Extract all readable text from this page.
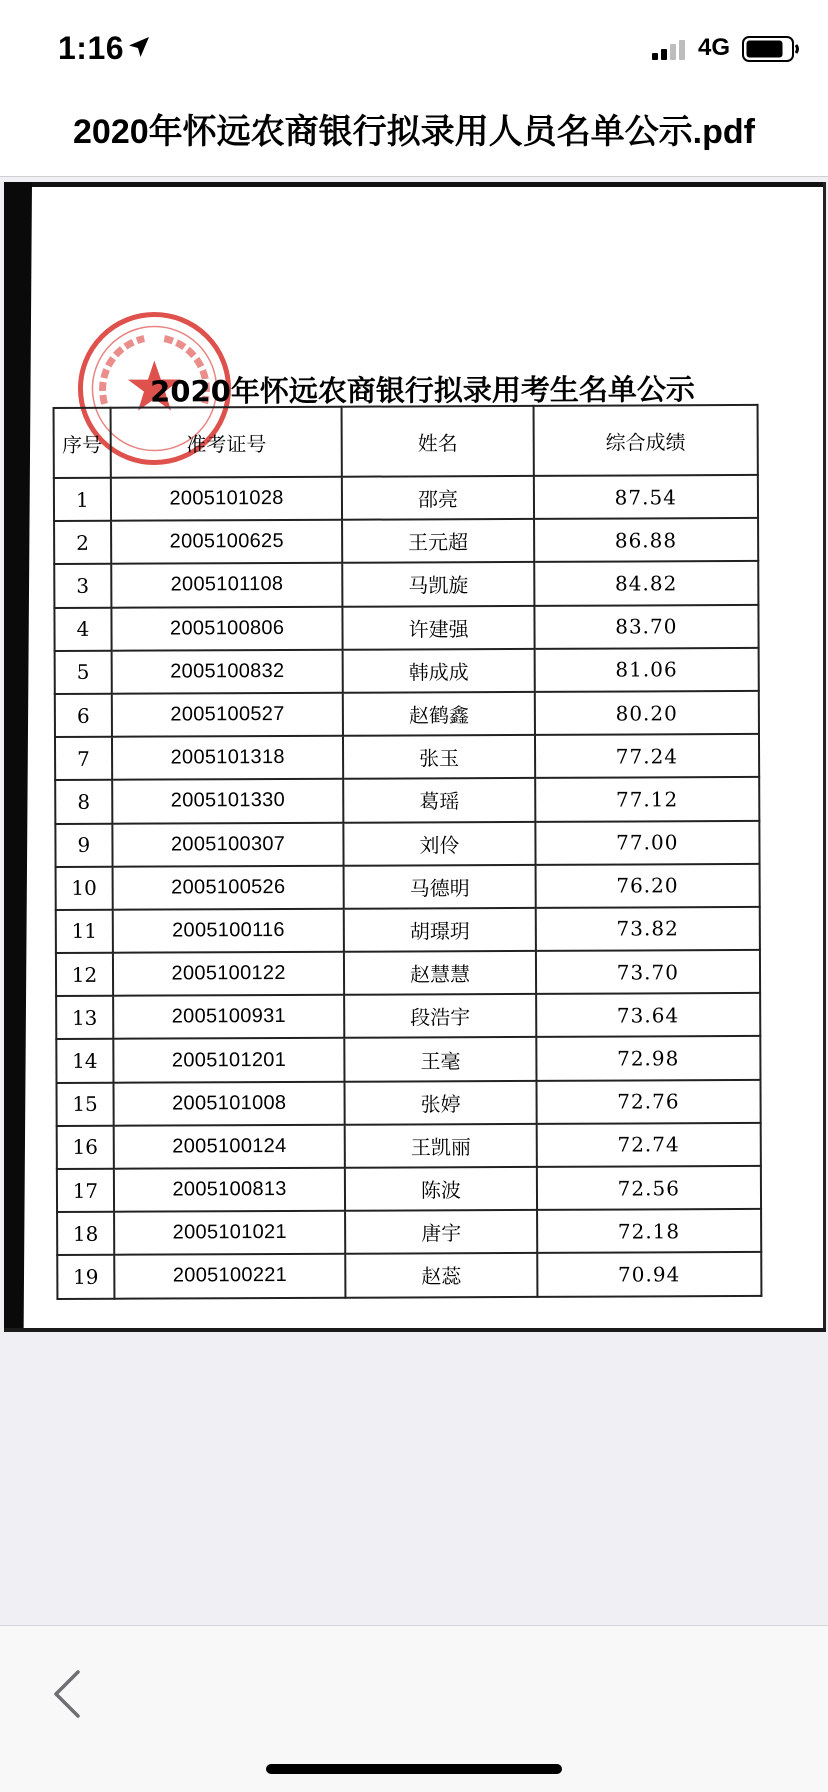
1:16	4G
2020年怀远农商银行拟录用人员名单公示.pdf
2020年怀远农商银行拟录用考生名单公示
序号	准考证号	姓名	综合成绩
1	2005101028	邵亮	87.54
2	2005100625	王元超	86.88
3	2005101108	马凯旋	84.82
4	2005100806	许建强	83.70
5	2005100832	韩成成	81.06
6	2005100527	赵鹤鑫	80.20
7	2005101318	张玉	77.24
8	2005101330	葛瑶	77.12
9	2005100307	刘伶	77.00
10	2005100526	马德明	76.20
11	2005100116	胡璟玥	73.82
12	2005100122	赵慧慧	73.70
13	2005100931	段浩宇	73.64
14	2005101201	王毫	72.98
15	2005101008	张婷	72.76
16	2005100124	王凯丽	72.74
17	2005100813	陈波	72.56
18	2005101021	唐宇	72.18
19	2005100221	赵蕊	70.94
